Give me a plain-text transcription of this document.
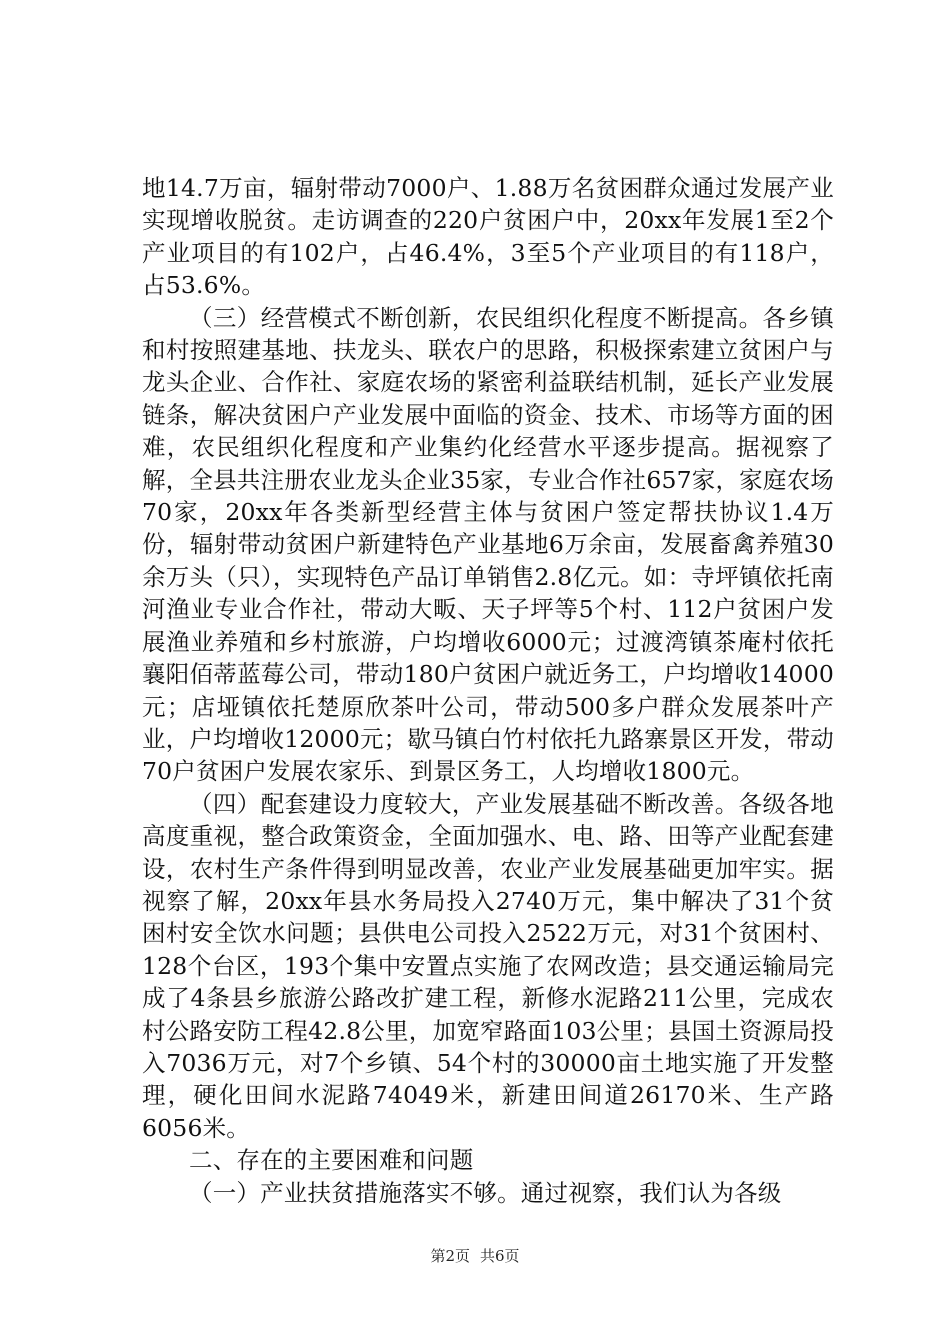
地14.7万亩，辐射带动7000户、1.88万名贫困群众通过发展产业实现增收脱贫。走访调查的220户贫困户中，20xx年发展1至2个产业项目的有102户，占46.4%，3至5个产业项目的有118户，占53.6%。

（三）经营模式不断创新，农民组织化程度不断提高。各乡镇和村按照建基地、扶龙头、联农户的思路，积极探索建立贫困户与龙头企业、合作社、家庭农场的紧密利益联结机制，延长产业发展链条，解决贫困户产业发展中面临的资金、技术、市场等方面的困难，农民组织化程度和产业集约化经营水平逐步提高。据视察了解，全县共注册农业龙头企业35家，专业合作社657家，家庭农场70家，20xx年各类新型经营主体与贫困户签定帮扶协议1.4万份，辐射带动贫困户新建特色产业基地6万余亩，发展畜禽养殖30余万头（只），实现特色产品订单销售2.8亿元。如：寺坪镇依托南河渔业专业合作社，带动大畈、天子坪等5个村、112户贫困户发展渔业养殖和乡村旅游，户均增收6000元；过渡湾镇茶庵村依托襄阳佰蒂蓝莓公司，带动180户贫困户就近务工，户均增收14000元；店垭镇依托楚原欣茶叶公司，带动500多户群众发展茶叶产业，户均增收12000元；歇马镇白竹村依托九路寨景区开发，带动70户贫困户发展农家乐、到景区务工，人均增收1800元。

（四）配套建设力度较大，产业发展基础不断改善。各级各地高度重视，整合政策资金，全面加强水、电、路、田等产业配套建设，农村生产条件得到明显改善，农业产业发展基础更加牢实。据视察了解，20xx年县水务局投入2740万元，集中解决了31个贫困村安全饮水问题；县供电公司投入2522万元，对31个贫困村、128个台区，193个集中安置点实施了农网改造；县交通运输局完成了4条县乡旅游公路改扩建工程，新修水泥路211公里，完成农村公路安防工程42.8公里，加宽窄路面103公里；县国土资源局投入7036万元，对7个乡镇、54个村的30000亩土地实施了开发整理，硬化田间水泥路74049米，新建田间道26170米、生产路6056米。

二、存在的主要困难和问题

（一）产业扶贫措施落实不够。通过视察，我们认为各级

第2页 共6页
